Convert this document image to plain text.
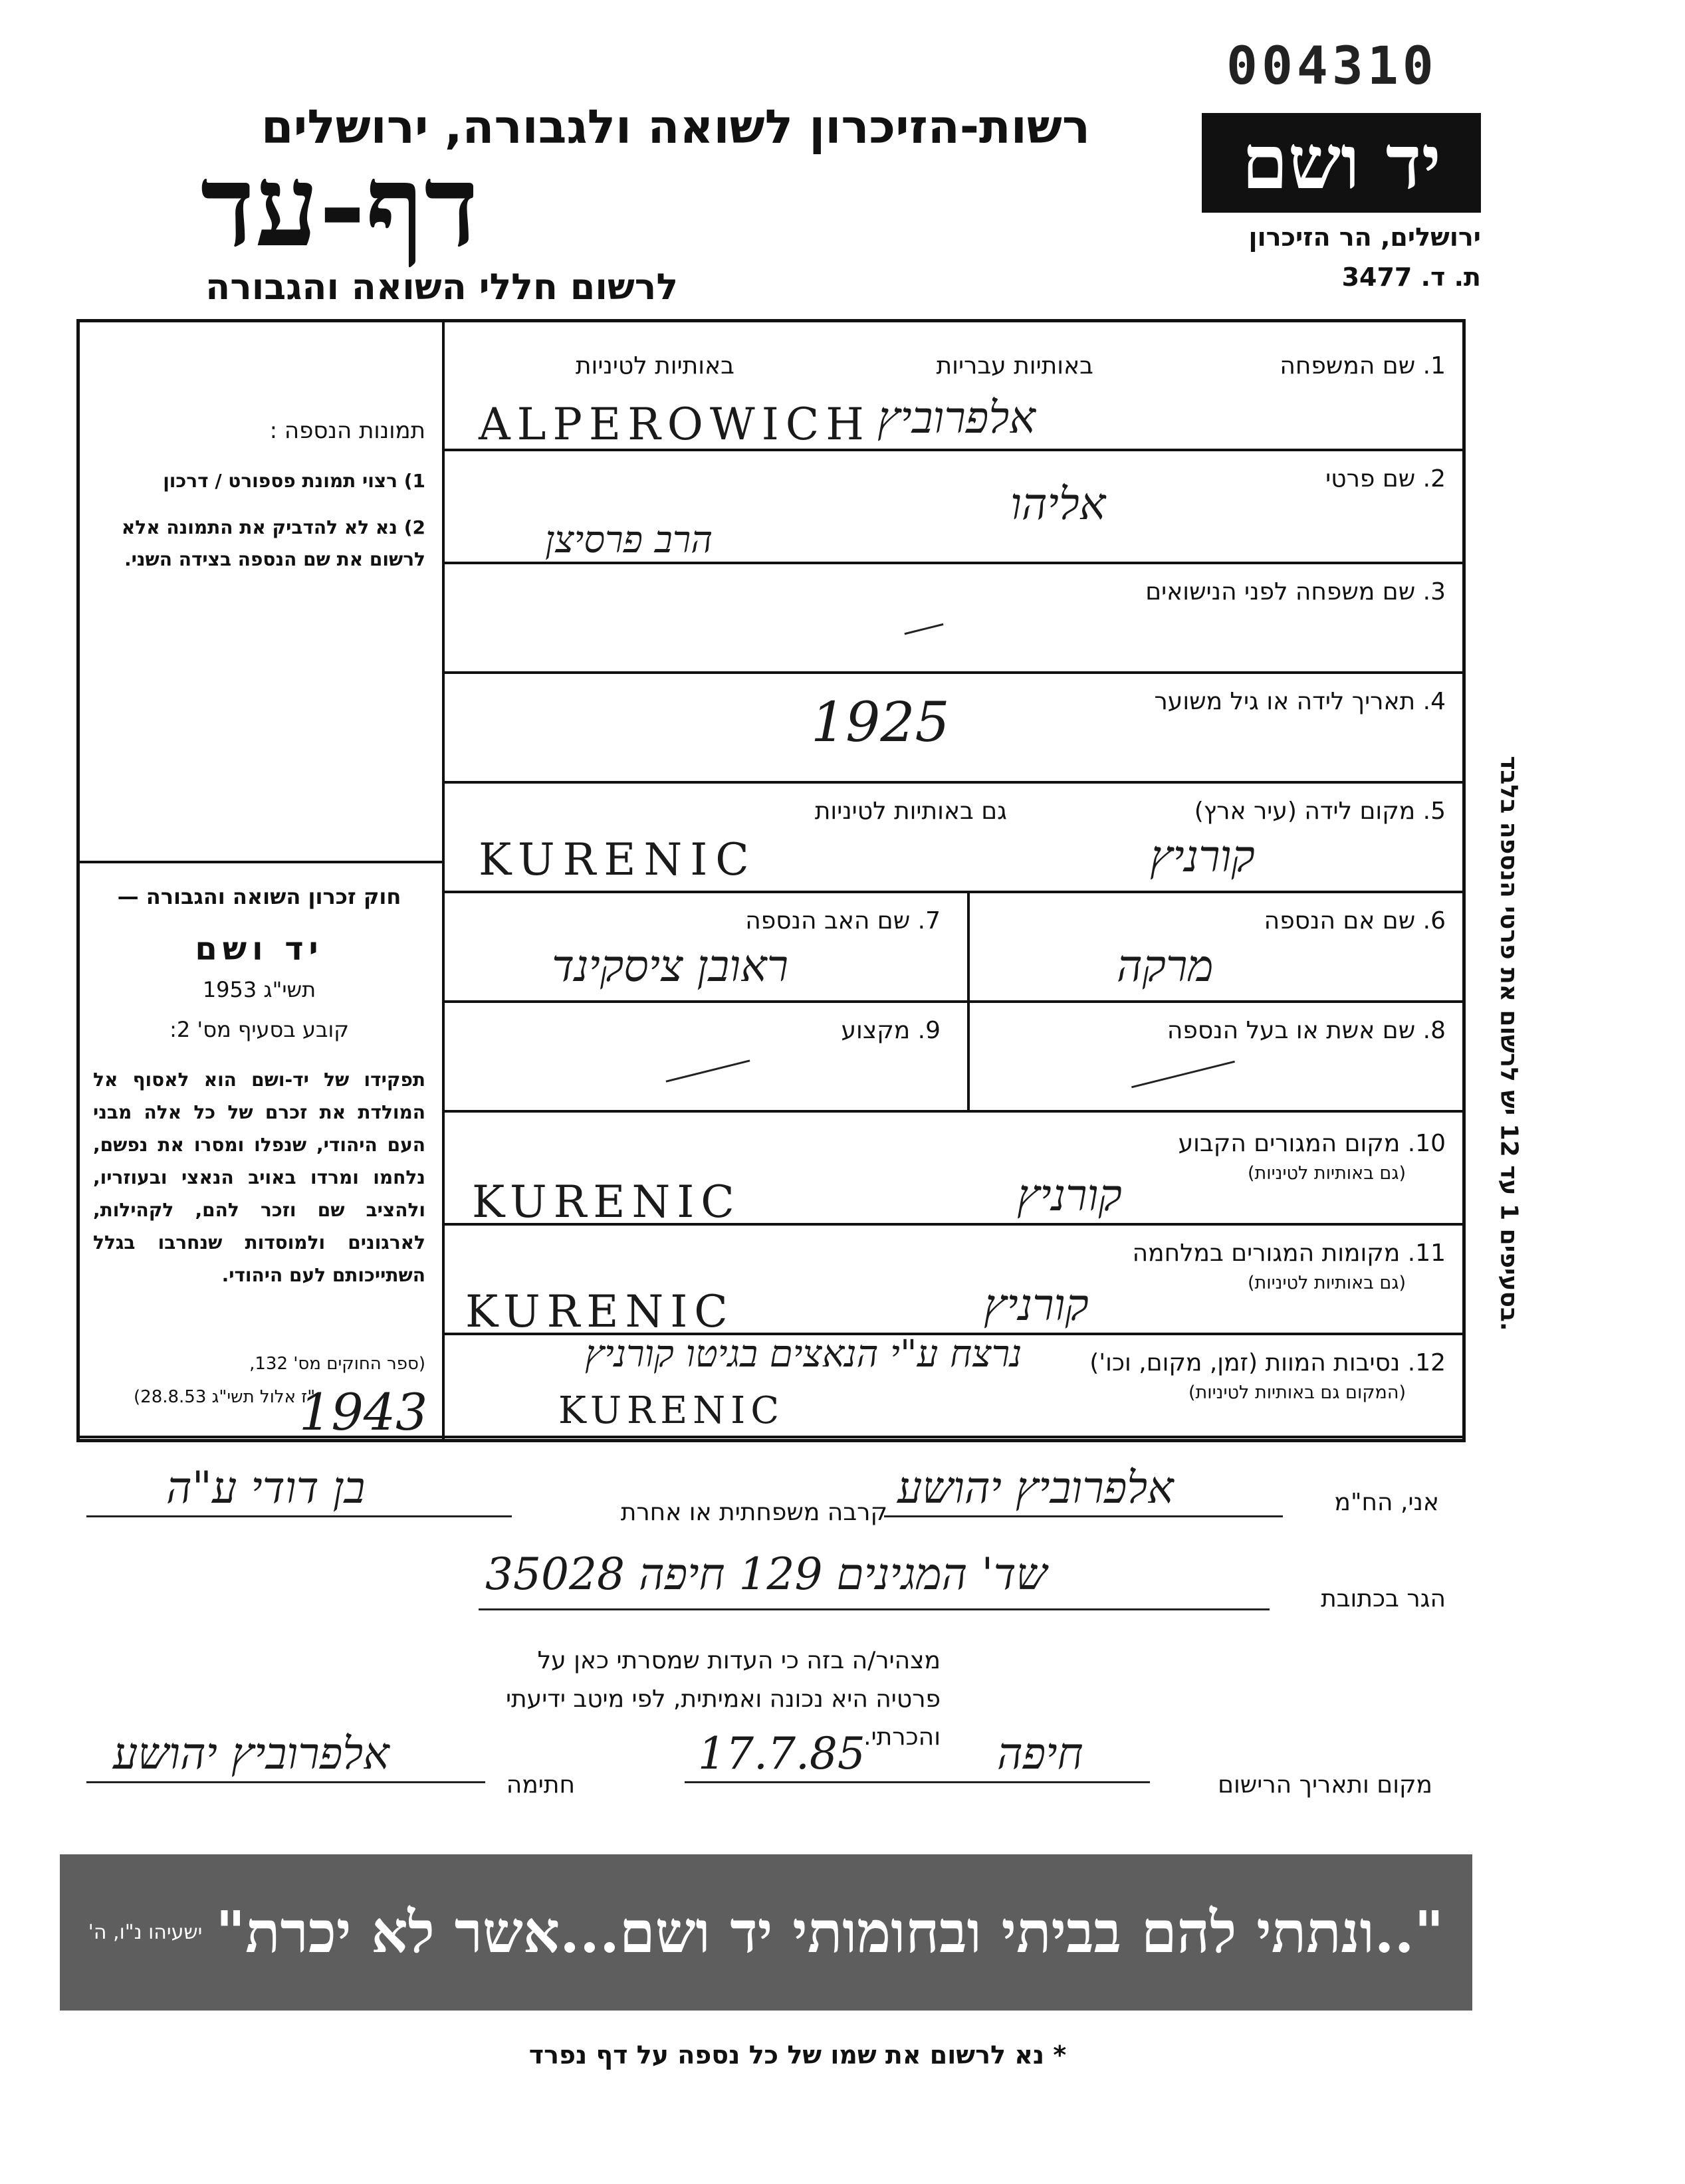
004310
יד ושם
ירושלים, הר הזיכרון
ת. ד. 3477
רשות-הזיכרון לשואה ולגבורה, ירושלים
דף-עד
לרשום חללי השואה והגבורה
1. שם המשפחה
באותיות עבריות
באותיות לטיניות
אלפרוביץ
ALPEROWICH
2. שם פרטי
אליהו
הרב פרסיצן
3. שם משפחה לפני הנישואים
4. תאריך לידה או גיל משוער
1925
5. מקום לידה (עיר ארץ)
גם באותיות לטיניות
קורניץ
KURENIC
6. שם אם הנספה
מרקה
7. שם האב הנספה
ראובן ציסקינד
8. שם אשת או בעל הנספה
9. מקצוע
10. מקום המגורים הקבוע
(גם באותיות לטיניות)
קורניץ
KURENIC
11. מקומות המגורים במלחמה
(גם באותיות לטיניות)
קורניץ
KURENIC
12. נסיבות המוות (זמן, מקום, וכו')
(המקום גם באותיות לטיניות)
נרצח ע"י הנאצים בגיטו קורניץ
KURENIC
1943
תמונות הנספה :
1) רצוי תמונת פספורט / דרכון
2) נא לא להדביק את התמונה אלא לרשום את שם הנספה בצידה השני.
חוק זכרון השואה והגבורה —
יד ושם
תשי"ג 1953
קובע בסעיף מס' 2:
תפקידו של יד-ושם הוא לאסוף אל המולדת את זכרם של כל אלה מבני העם היהודי, שנפלו ומסרו את נפשם, נלחמו ומרדו באויב הנאצי ובעוזריו, ולהציב שם וזכר להם, לקהילות, לארגונים ולמוסדות שנחרבו בגלל השתייכותם לעם היהודי.
(ספר החוקים מס' 132,
י"ז אלול תשי"ג 28.8.53)
בסעיפים 1 עד 12 יש לרשום את פרטי הנספה בלבד.
אני, הח"מ
אלפרוביץ יהושע
קרבה משפחתית או אחרת
בן דודי ע"ה
הגר בכתובת
שד' המגינים 129 חיפה 35028
מצהיר/ה בזה כי העדות שמסרתי כאן על פרטיה היא נכונה ואמיתית, לפי מיטב ידיעתי והכרתי.
מקום ותאריך הרישום
חיפה
17.7.85
חתימה
אלפרוביץ יהושע
"..ונתתי להם בביתי ובחומותי יד ושם...אשר לא יכרת"
ישעיהו נ"ו, ה'
* נא לרשום את שמו של כל נספה על דף נפרד
